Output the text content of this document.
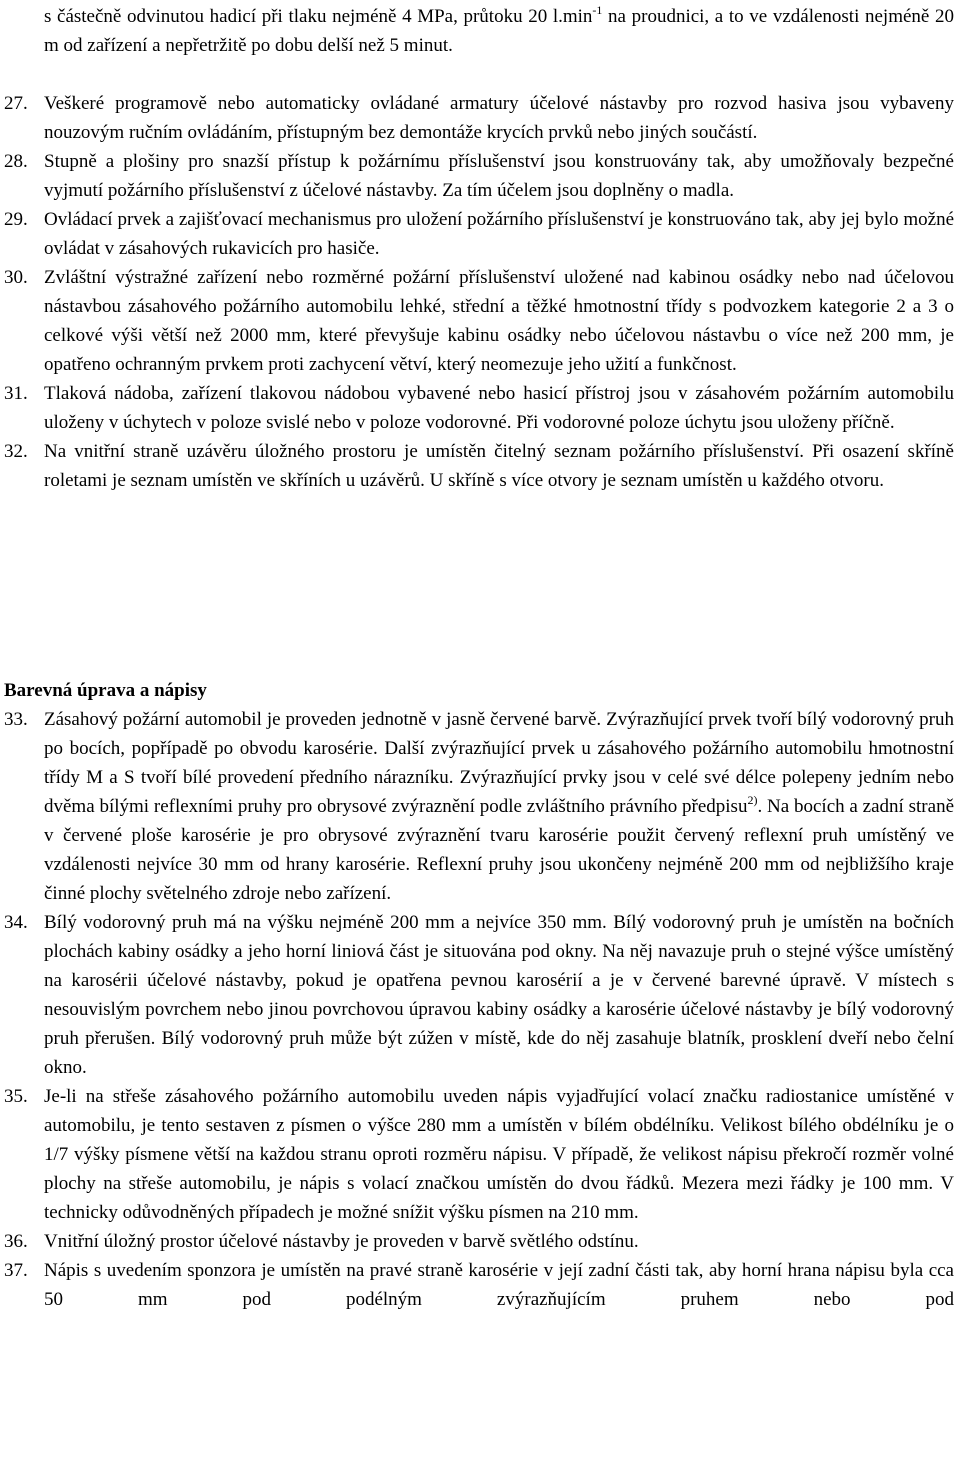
s částečně odvinutou hadicí při tlaku nejméně 4 MPa, průtoku 20 $l.\min^{-1}$ na proudnici, a to ve vzdálenosti nejméně 20 m od zařízení a nepřetržitě po dobu delší než 5 minut.
27. Veškeré programově nebo automaticky ovládané armatury účelové nástavby pro rozvod hasiva jsou vybaveny nouzovým ručním ovládáním, přístupným bez demontáže krycích prvků nebo jiných součástí.
28. Stupně a plošiny pro snazší přístup k požárnímu příslušenství jsou konstruovány tak, aby umožňovaly bezpečné vyjmutí požárního příslušenství z účelové nástavby. Za tím účelem jsou doplněny o madla.
29. Ovládací prvek a zajišťovací mechanismus pro uložení požárního příslušenství je konstruováno tak, aby jej bylo možné ovládat v zásahových rukavicích pro hasiče.
30. Zvláštní výstražné zařízení nebo rozměrné požární příslušenství uložené nad kabinou osádky nebo nad účelovou nástavbou zásahového požárního automobilu lehké, střední a těžké hmotnostní třídy s podvozkem kategorie 2 a 3 o celkové výši větší než 2000 mm, které převyšuje kabinu osádky nebo účelovou nástavbu o více než 200 mm, je opatřeno ochranným prvkem proti zachycení větví, který neomezuje jeho užití a funkčnost.
31. Tlaková nádoba, zařízení tlakovou nádobou vybavené nebo hasicí přístroj jsou v zásahovém požárním automobilu uloženy v úchytech v poloze svislé nebo v poloze vodorovné. Při vodorovné poloze úchytu jsou uloženy příčně.
32. Na vnitřní straně uzávěru úložného prostoru je umístěn čitelný seznam požárního příslušenství. Při osazení skříně roletami je seznam umístěn ve skříních u uzávěrů. U skříně s více otvory je seznam umístěn u každého otvoru.
Barevná úprava a nápisy
33. Zásahový požární automobil je proveden jednotně v jasně červené barvě. Zvýrazňující prvek tvoří bílý vodorovný pruh po bocích, popřípadě po obvodu karosérie. Další zvýrazňující prvek u zásahového požárního automobilu hmotnostní třídy M a S tvoří bílé provedení předního nárazníku. Zvýrazňující prvky jsou v celé své délce polepeny jedním nebo dvěma bílými reflexními pruhy pro obrysové zvýraznění podle zvláštního právního předpisu$^{2)}$. Na bocích a zadní straně v červené ploše karosérie je pro obrysové zvýraznění tvaru karosérie použit červený reflexní pruh umístěný ve vzdálenosti nejvíce 30 mm od hrany karosérie. Reflexní pruhy jsou ukončeny nejméně 200 mm od nejbližšího kraje činné plochy světelného zdroje nebo zařízení.
34. Bílý vodorovný pruh má na výšku nejméně 200 mm a nejvíce 350 mm. Bílý vodorovný pruh je umístěn na bočních plochách kabiny osádky a jeho horní liniová část je situována pod okny. Na něj navazuje pruh o stejné výšce umístěný na karosérii účelové nástavby, pokud je opatřena pevnou karosérií a je v červené barevné úpravě. V místech s nesouvislým povrchem nebo jinou povrchovou úpravou kabiny osádky a karosérie účelové nástavby je bílý vodorovný pruh přerušen. Bílý vodorovný pruh může být zúžen v místě, kde do něj zasahuje blatník, prosklení dveří nebo čelní okno.
35. Je-li na střeše zásahového požárního automobilu uveden nápis vyjadřující volací značku radiostanice umístěné v automobilu, je tento sestaven z písmen o výšce 280 mm a umístěn v bílém obdélníku. Velikost bílého obdélníku je o 1/7 výšky písmene větší na každou stranu oproti rozměru nápisu. V případě, že velikost nápisu překročí rozměr volné plochy na střeše automobilu, je nápis s volací značkou umístěn do dvou řádků. Mezera mezi řádky je 100 mm. V technicky odůvodněných případech je možné snížit výšku písmen na 210 mm.
36. Vnitřní úložný prostor účelové nástavby je proveden v barvě světlého odstínu.
37. Nápis s uvedením sponzora je umístěn na pravé straně karosérie v její zadní části tak, aby horní hrana nápisu byla cca 50 mm pod podélným zvýrazňujícím pruhem nebo pod
